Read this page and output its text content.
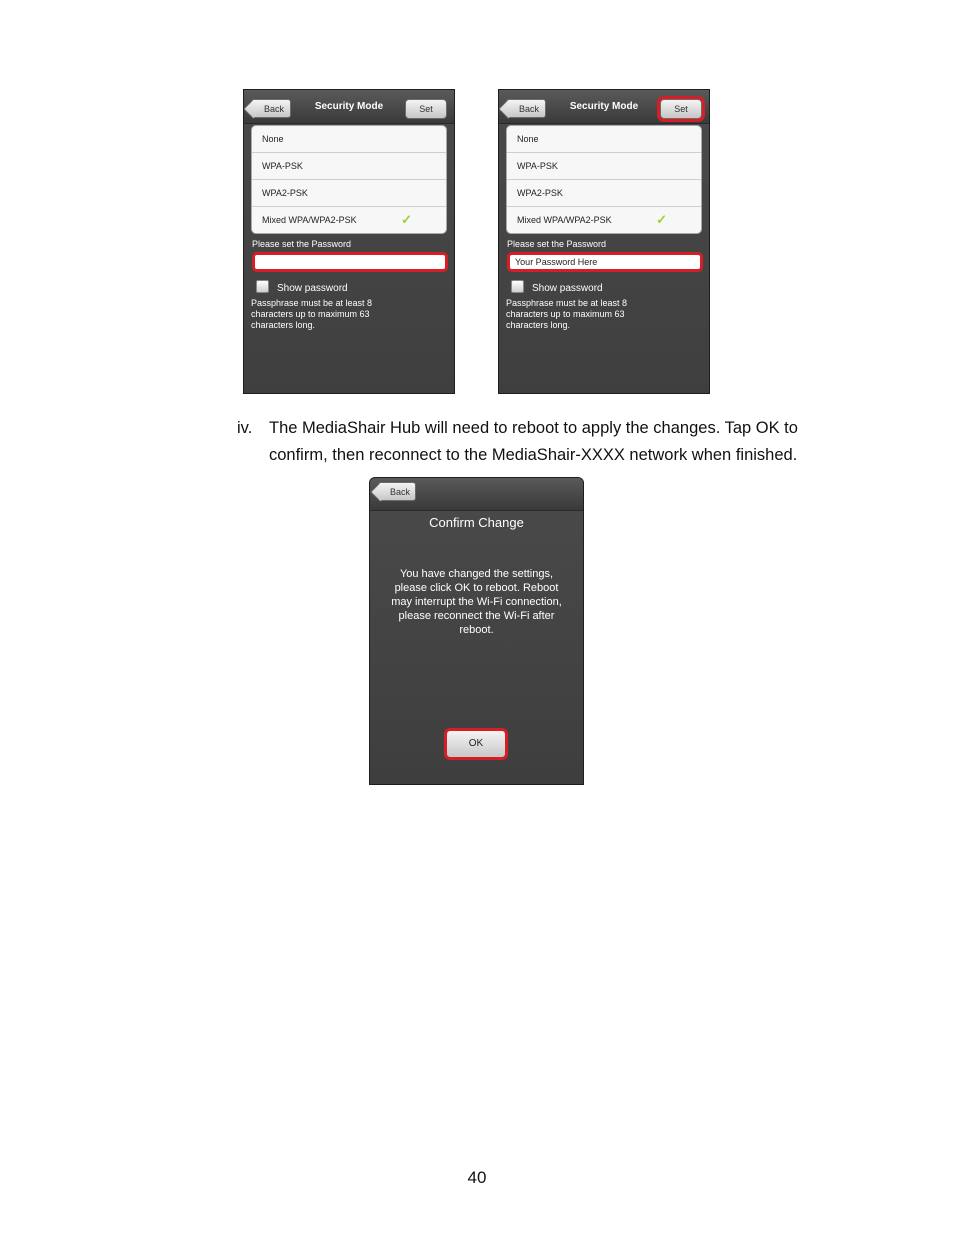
Back	Security Mode	Set
None
WPA-PSK
WPA2-PSK
Mixed WPA/WPA2-PSK	✓
Please set the Password
Show password
Passphrase must be at least 8 characters up to maximum 63 characters long.
Back	Security Mode	Set
None
WPA-PSK
WPA2-PSK
Mixed WPA/WPA2-PSK	✓
Please set the Password
Your Password Here
Show password
Passphrase must be at least 8 characters up to maximum 63 characters long.
iv. The MediaShair Hub will need to reboot to apply the changes. Tap OK to confirm, then reconnect to the MediaShair-XXXX network when finished.
Back
Confirm Change
You have changed the settings, please click OK to reboot. Reboot may interrupt the Wi-Fi connection, please reconnect the Wi-Fi after reboot.
OK
40
